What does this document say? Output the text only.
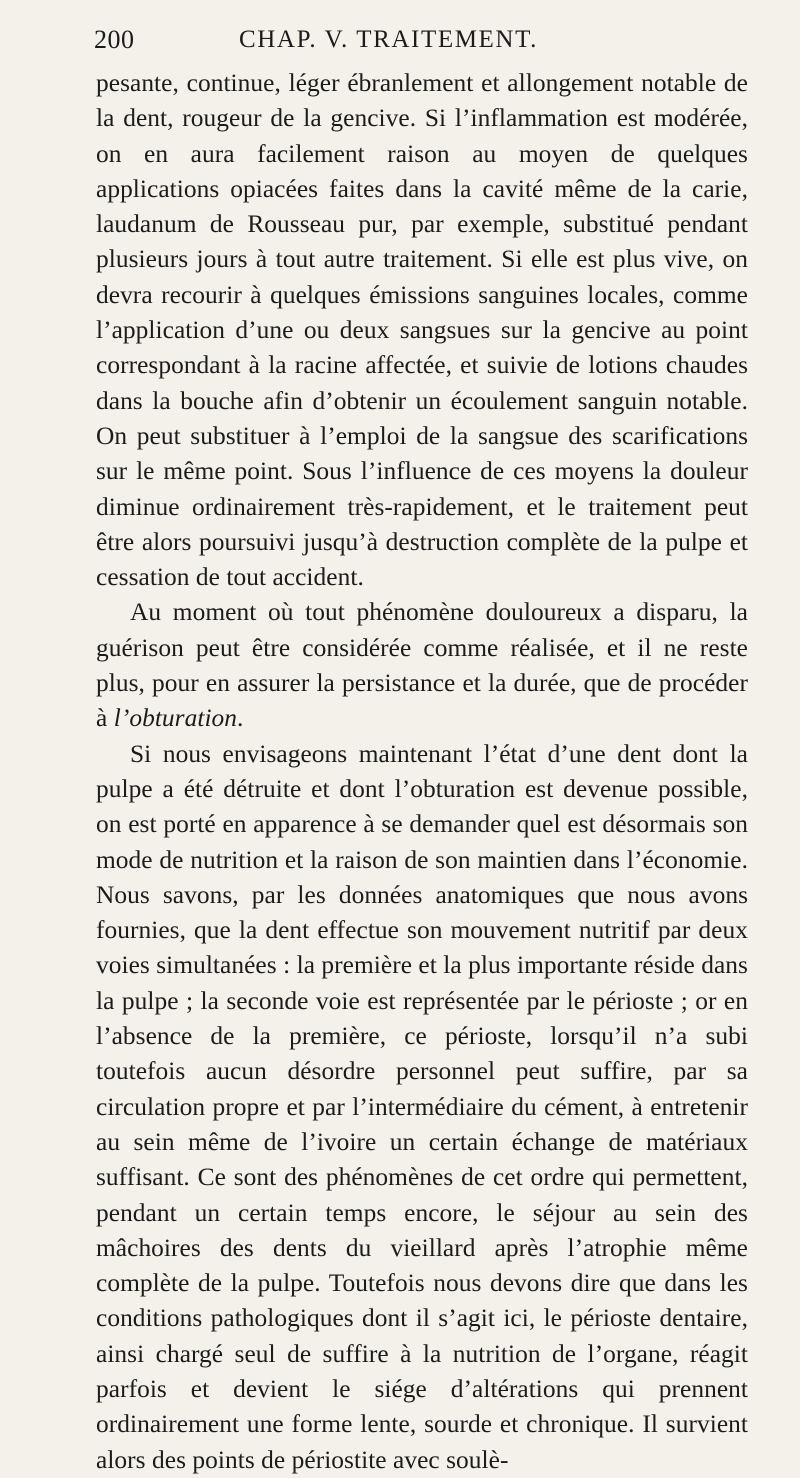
200	CHAP. V. TRAITEMENT.

pesante, continue, léger ébranlement et allongement notable de la dent, rougeur de la gencive. Si l’inflammation est modérée, on en aura facilement raison au moyen de quelques applications opiacées faites dans la cavité même de la carie, laudanum de Rousseau pur, par exemple, substitué pendant plusieurs jours à tout autre traitement. Si elle est plus vive, on devra recourir à quelques émissions sanguines locales, comme l’application d’une ou deux sangsues sur la gencive au point correspondant à la racine affectée, et suivie de lotions chaudes dans la bouche afin d’obtenir un écoulement sanguin notable. On peut substituer à l’emploi de la sangsue des scarifications sur le même point. Sous l’influence de ces moyens la douleur diminue ordinairement très-rapidement, et le traitement peut être alors poursuivi jusqu’à destruction complète de la pulpe et cessation de tout accident.

Au moment où tout phénomène douloureux a disparu, la guérison peut être considérée comme réalisée, et il ne reste plus, pour en assurer la persistance et la durée, que de procéder à l’obturation.

Si nous envisageons maintenant l’état d’une dent dont la pulpe a été détruite et dont l’obturation est devenue possible, on est porté en apparence à se demander quel est désormais son mode de nutrition et la raison de son maintien dans l’économie. Nous savons, par les données anatomiques que nous avons fournies, que la dent effectue son mouvement nutritif par deux voies simultanées : la première et la plus importante réside dans la pulpe ; la seconde voie est représentée par le périoste ; or en l’absence de la première, ce périoste, lorsqu’il n’a subi toutefois aucun désordre personnel peut suffire, par sa circulation propre et par l’intermédiaire du cément, à entretenir au sein même de l’ivoire un certain échange de matériaux suffisant. Ce sont des phénomènes de cet ordre qui permettent, pendant un certain temps encore, le séjour au sein des mâchoires des dents du vieillard après l’atrophie même complète de la pulpe. Toutefois nous devons dire que dans les conditions pathologiques dont il s’agit ici, le périoste dentaire, ainsi chargé seul de suffire à la nutrition de l’organe, réagit parfois et devient le siége d’altérations qui prennent ordinairement une forme lente, sourde et chronique. Il survient alors des points de périostite avec soulè-
